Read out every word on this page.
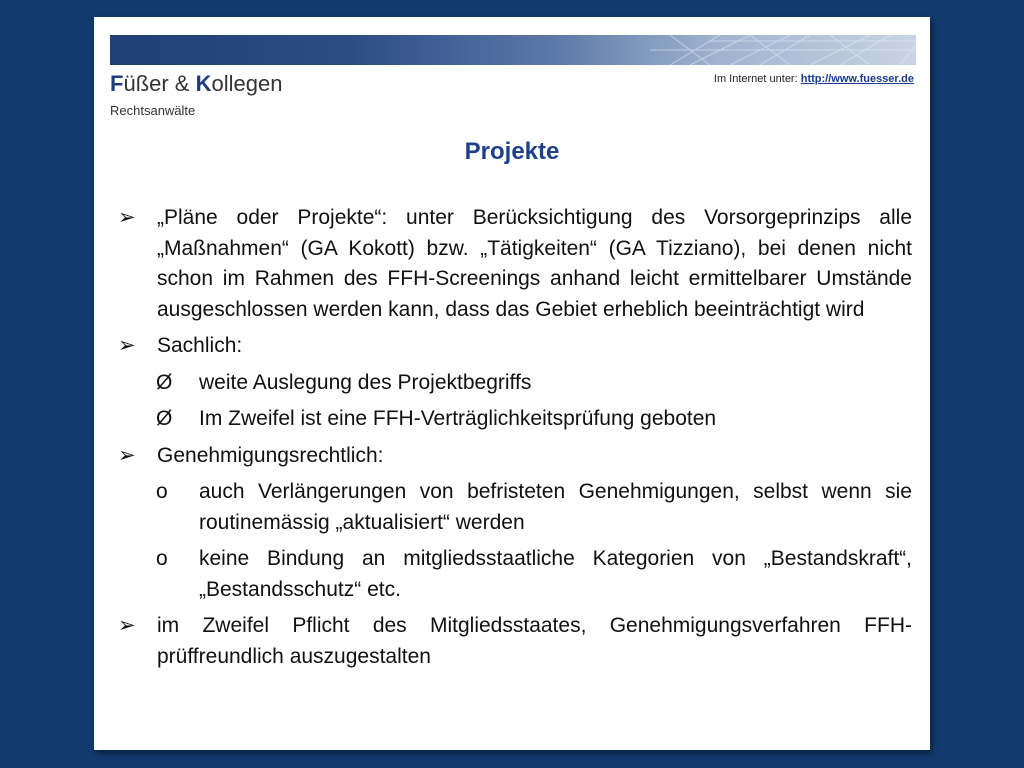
Füßer & Kollegen
Rechtsanwälte
Im Internet unter: http://www.fuesser.de
Projekte
➢ „Pläne oder Projekte“: unter Berücksichtigung des Vorsorgeprinzips alle „Maßnahmen“ (GA Kokott) bzw. „Tätigkeiten“ (GA Tizziano), bei denen nicht schon im Rahmen des FFH-Screenings anhand leicht ermittelbarer Umstände ausgeschlossen werden kann, dass das Gebiet erheblich beeinträchtigt wird
➢ Sachlich:
Ø weite Auslegung des Projektbegriffs
Ø Im Zweifel ist eine FFH-Verträglichkeitsprüfung geboten
➢ Genehmigungsrechtlich:
o auch Verlängerungen von befristeten Genehmigungen, selbst wenn sie routinemässig „aktualisiert“ werden
o keine Bindung an mitgliedsstaatliche Kategorien von „Bestandskraft“, „Bestandsschutz“ etc.
➢ im Zweifel Pflicht des Mitgliedsstaates, Genehmigungsverfahren FFH-prüffreundlich auszugestalten
